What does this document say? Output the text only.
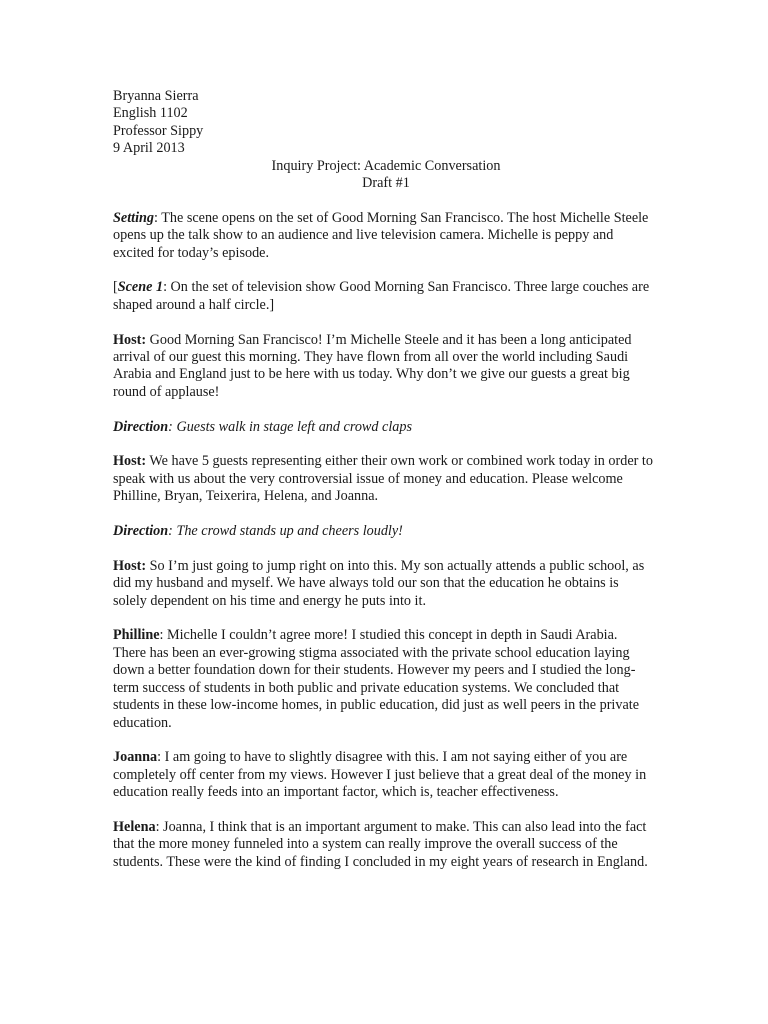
Bryanna Sierra
English 1102
Professor Sippy
9 April 2013
Inquiry Project: Academic Conversation
Draft #1

Setting: The scene opens on the set of Good Morning San Francisco. The host Michelle Steele opens up the talk show to an audience and live television camera. Michelle is peppy and excited for today’s episode.

[Scene 1: On the set of television show Good Morning San Francisco. Three large couches are shaped around a half circle.]

Host: Good Morning San Francisco! I’m Michelle Steele and it has been a long anticipated arrival of our guest this morning. They have flown from all over the world including Saudi Arabia and England just to be here with us today. Why don’t we give our guests a great big round of applause!

Direction: Guests walk in stage left and crowd claps

Host: We have 5 guests representing either their own work or combined work today in order to speak with us about the very controversial issue of money and education. Please welcome Philline, Bryan, Teixerira, Helena, and Joanna.

Direction: The crowd stands up and cheers loudly!

Host: So I’m just going to jump right on into this. My son actually attends a public school, as did my husband and myself. We have always told our son that the education he obtains is solely dependent on his time and energy he puts into it.

Philline: Michelle I couldn’t agree more! I studied this concept in depth in Saudi Arabia. There has been an ever-growing stigma associated with the private school education laying down a better foundation down for their students. However my peers and I studied the long-term success of students in both public and private education systems. We concluded that students in these low-income homes, in public education, did just as well peers in the private education.

Joanna: I am going to have to slightly disagree with this. I am not saying either of you are completely off center from my views. However I just believe that a great deal of the money in education really feeds into an important factor, which is, teacher effectiveness.

Helena: Joanna, I think that is an important argument to make. This can also lead into the fact that the more money funneled into a system can really improve the overall success of the students. These were the kind of finding I concluded in my eight years of research in England.
